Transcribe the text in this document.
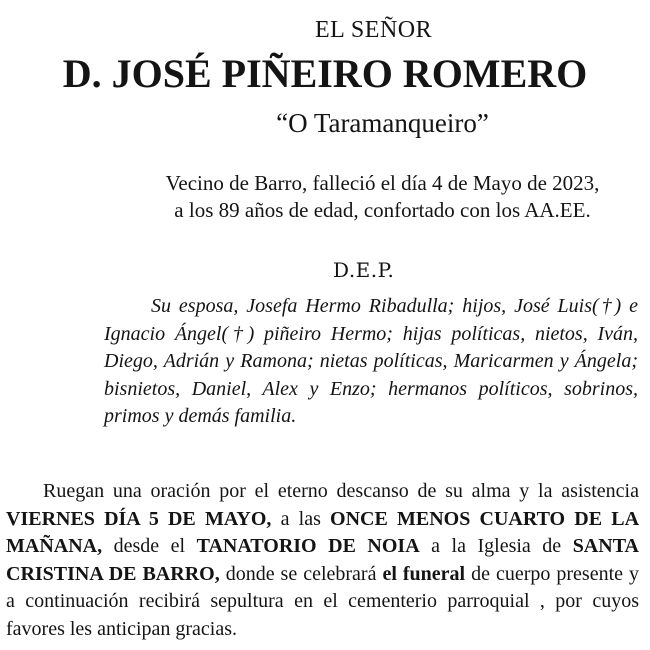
EL SEÑOR
D. JOSÉ PIÑEIRO ROMERO
“O Taramanqueiro”
Vecino de Barro, falleció el día 4 de Mayo de 2023,
a los 89 años de edad, confortado con los AA.EE.
D.E.P.
Su esposa, Josefa Hermo Ribadulla; hijos, José Luis(†) e Ignacio Ángel(†) piñeiro Hermo; hijas políticas, nietos, Iván, Diego, Adrián y Ramona; nietas políticas, Maricarmen y Ángela; bisnietos, Daniel, Alex y Enzo; hermanos políticos, sobrinos, primos y demás familia.
Ruegan una oración por el eterno descanso de su alma y la asistencia VIERNES DÍA 5 DE MAYO, a las ONCE MENOS CUARTO DE LA MAÑANA, desde el TANATORIO DE NOIA a la Iglesia de SANTA CRISTINA DE BARRO, donde se celebrará el funeral de cuerpo presente y a continuación recibirá sepultura en el cementerio parroquial , por cuyos favores les anticipan gracias.
